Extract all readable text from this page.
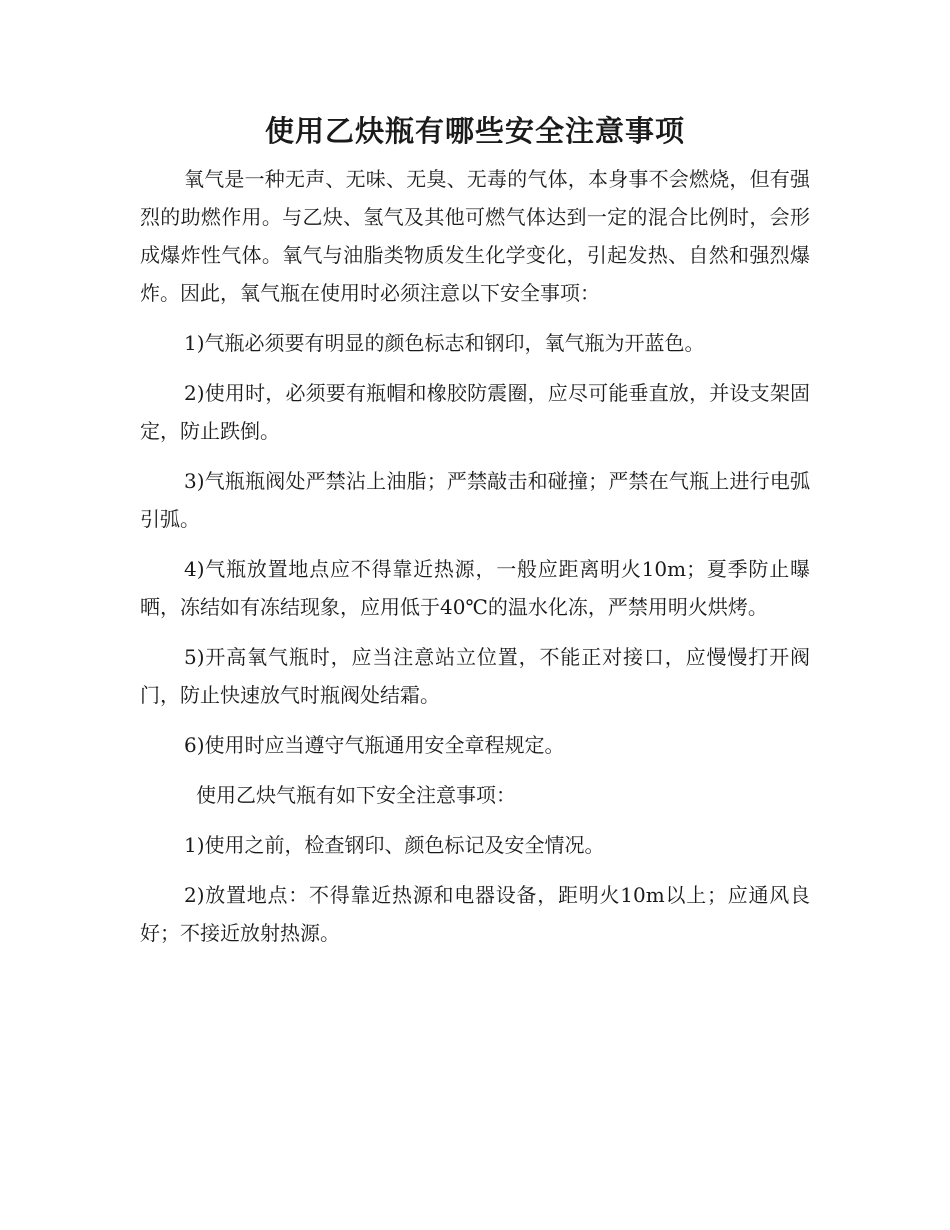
使用乙炔瓶有哪些安全注意事项

氧气是一种无声、无味、无臭、无毒的气体，本身事不会燃烧，但有强烈的助燃作用。与乙炔、氢气及其他可燃气体达到一定的混合比例时，会形成爆炸性气体。氧气与油脂类物质发生化学变化，引起发热、自然和强烈爆炸。因此，氧气瓶在使用时必须注意以下安全事项：

1)气瓶必须要有明显的颜色标志和钢印，氧气瓶为开蓝色。

2)使用时，必须要有瓶帽和橡胶防震圈，应尽可能垂直放，并设支架固定，防止跌倒。

3)气瓶瓶阀处严禁沾上油脂；严禁敲击和碰撞；严禁在气瓶上进行电弧引弧。

4)气瓶放置地点应不得靠近热源，一般应距离明火10m；夏季防止曝晒，冻结如有冻结现象，应用低于40℃的温水化冻，严禁用明火烘烤。

5)开高氧气瓶时，应当注意站立位置，不能正对接口，应慢慢打开阀门，防止快速放气时瓶阀处结霜。

6)使用时应当遵守气瓶通用安全章程规定。

使用乙炔气瓶有如下安全注意事项：

1)使用之前，检查钢印、颜色标记及安全情况。

2)放置地点：不得靠近热源和电器设备，距明火10m以上；应通风良好；不接近放射热源。
